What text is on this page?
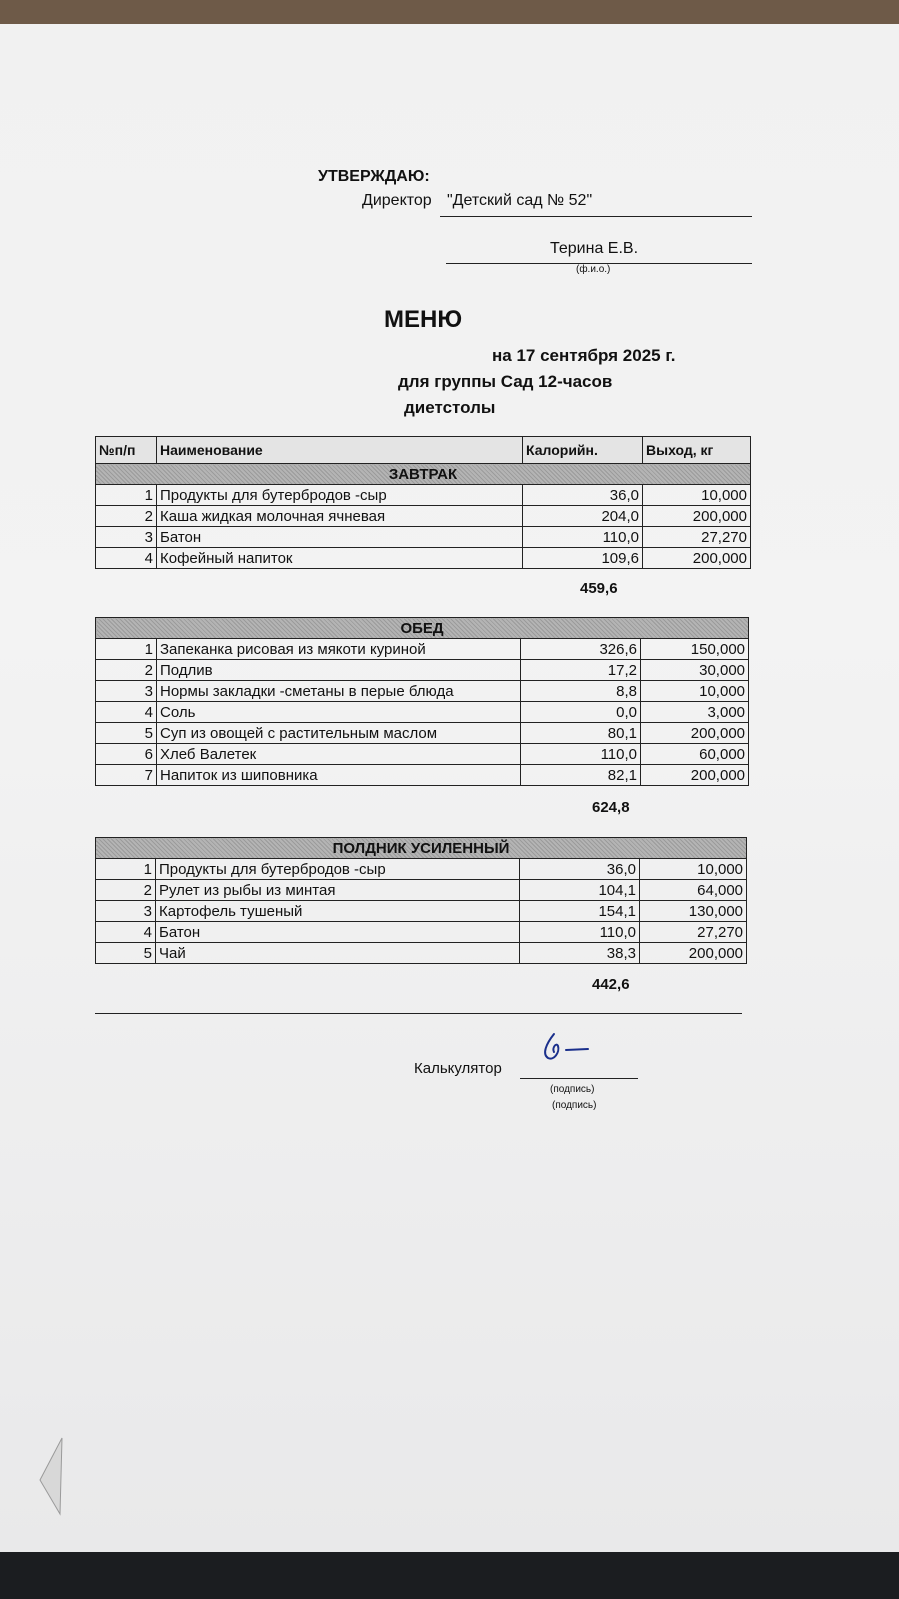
УТВЕРЖДАЮ:
Директор "Детский сад № 52"
Терина Е.В.
(ф.и.о.)
МЕНЮ
на 17 сентября 2025 г.
для группы Сад 12-часов
диетстолы
№п/п	Наименование	Калорийн.	Выход, кг
ЗАВТРАК			
1	Продукты для бутербродов -сыр	36,0	10,000
2	Каша жидкая молочная ячневая	204,0	200,000
3	Батон	110,0	27,270
4	Кофейный напиток	109,6	200,000
459,6
ОБЕД			
1	Запеканка рисовая из мякоти куриной	326,6	150,000
2	Подлив	17,2	30,000
3	Нормы закладки -сметаны в перые блюда	8,8	10,000
4	Соль	0,0	3,000
5	Суп из овощей с растительным маслом	80,1	200,000
6	Хлеб Валетек	110,0	60,000
7	Напиток из шиповника	82,1	200,000
624,8
ПОЛДНИК УСИЛЕННЫЙ			
1	Продукты для бутербродов -сыр	36,0	10,000
2	Рулет из рыбы из минтая	104,1	64,000
3	Картофель тушеный	154,1	130,000
4	Батон	110,0	27,270
5	Чай	38,3	200,000
442,6
Калькулятор
(подпись)
(подпись)
